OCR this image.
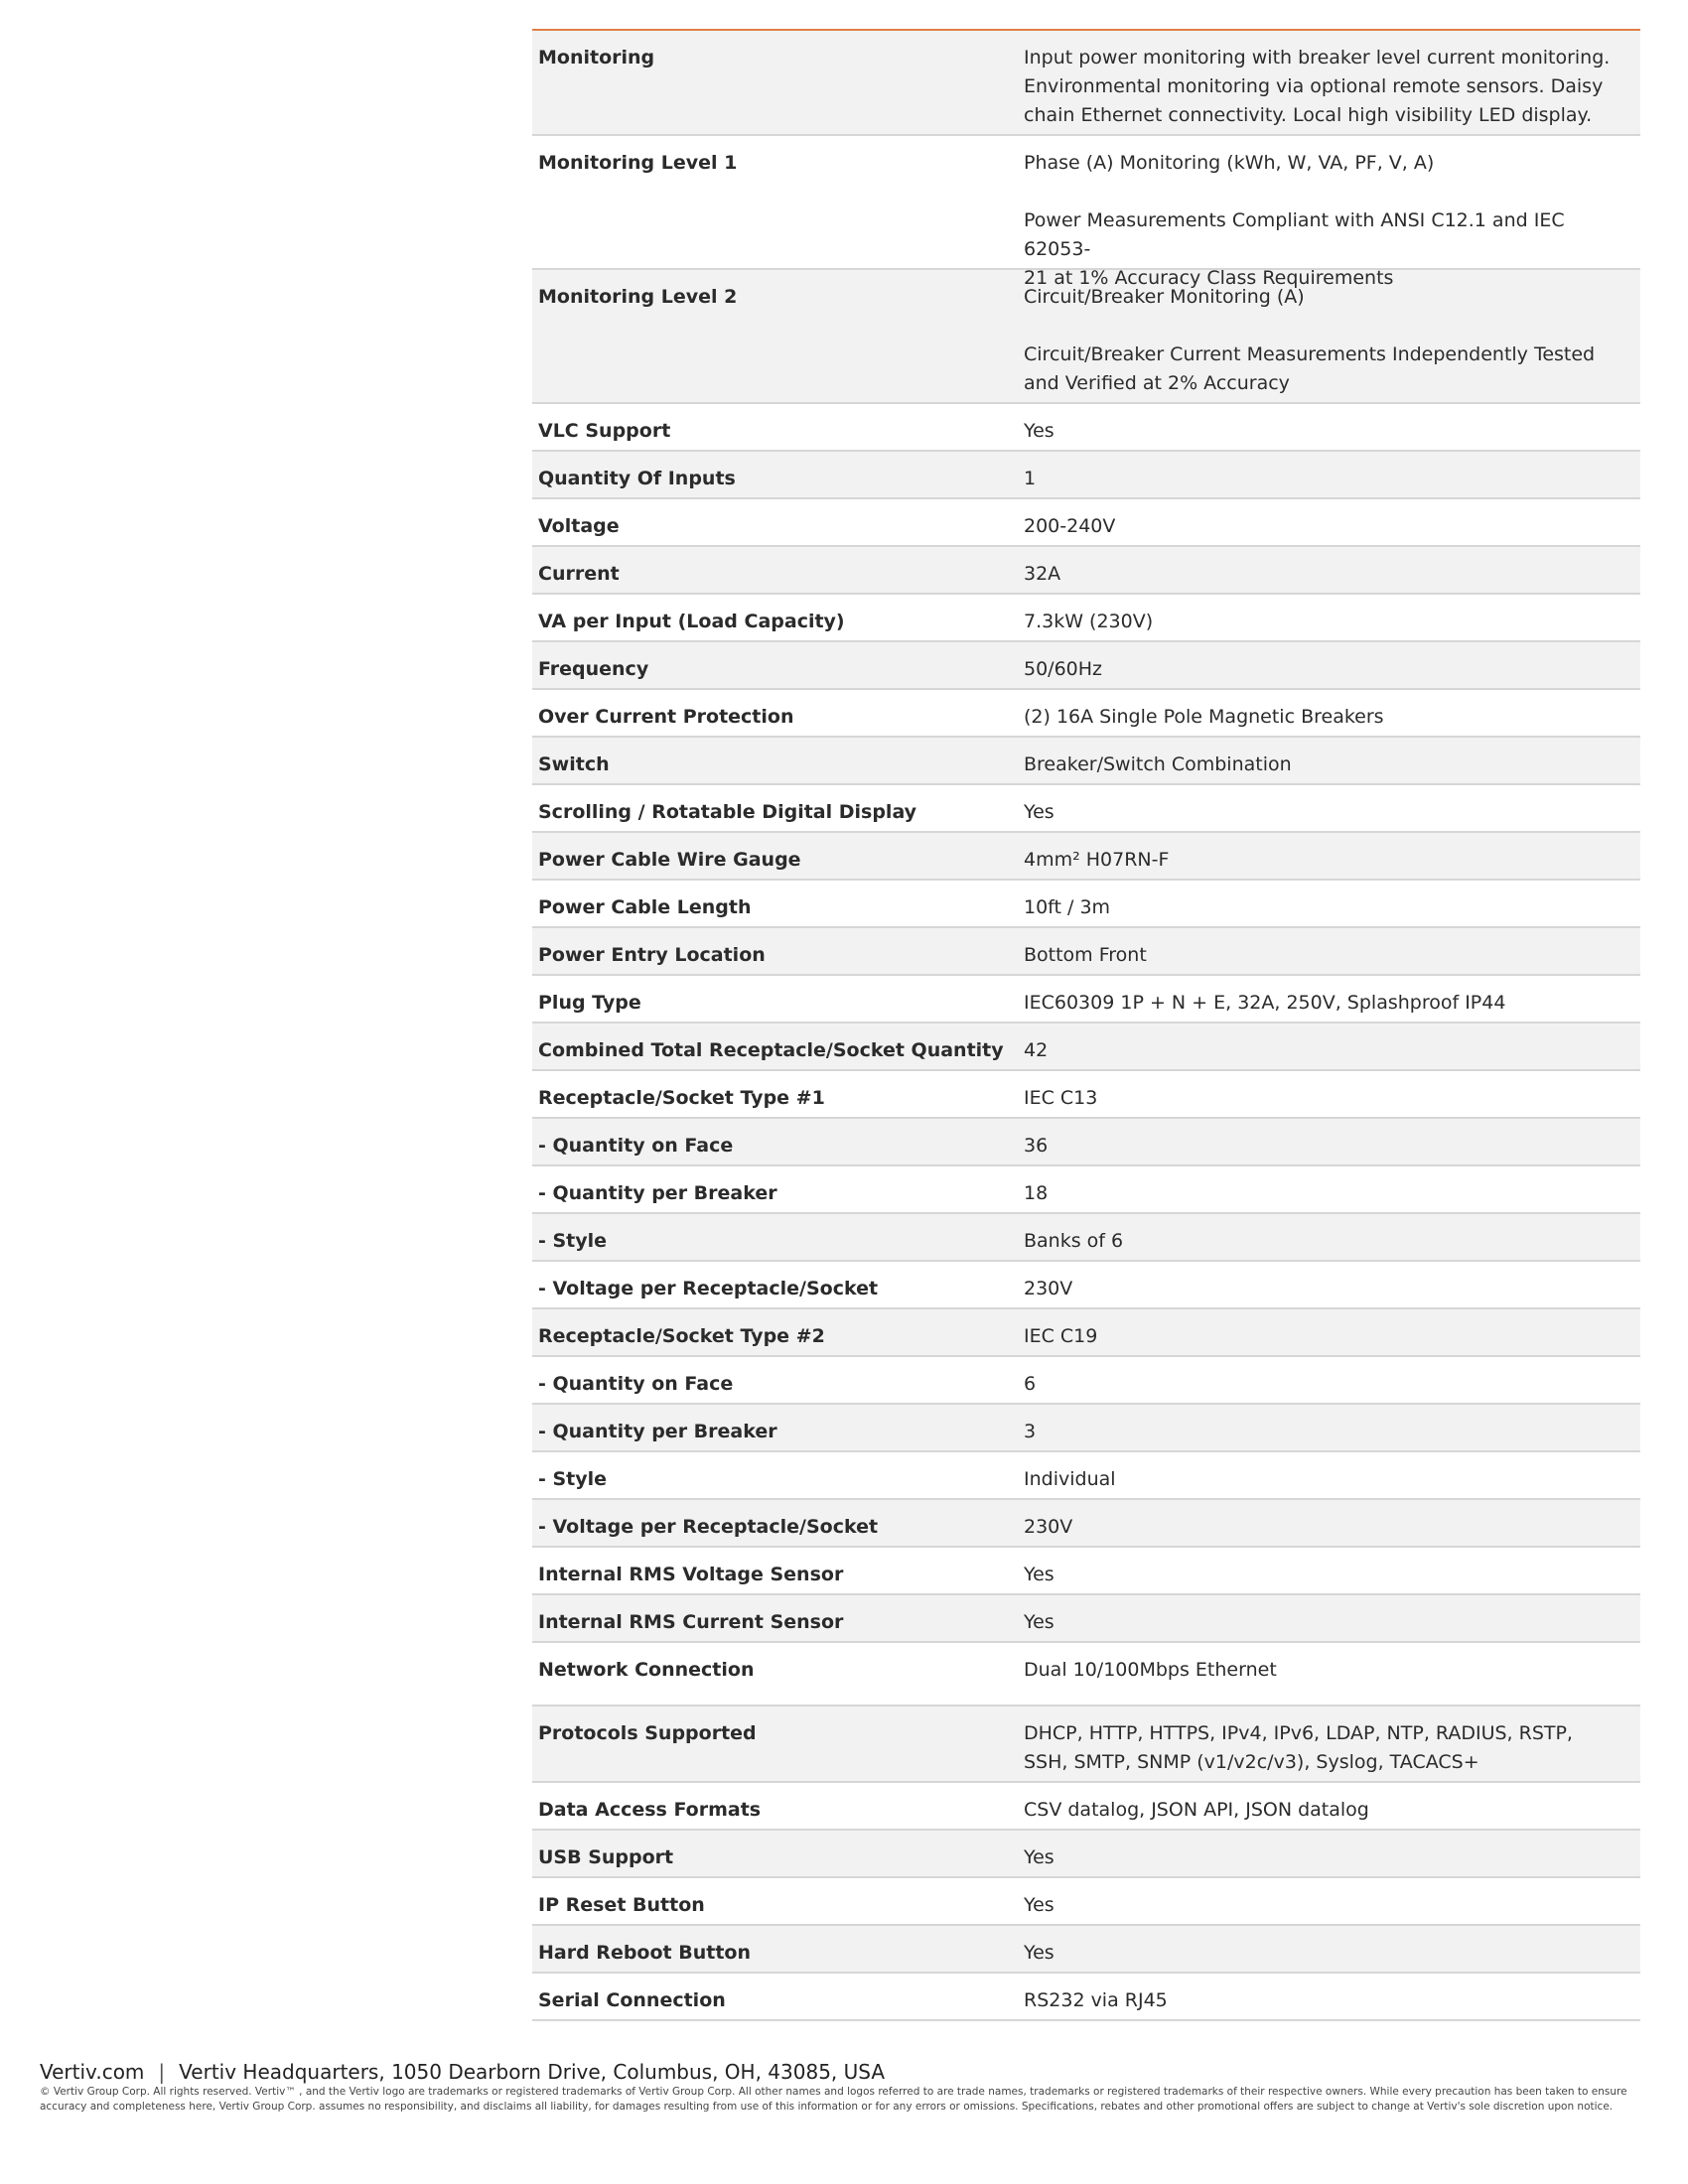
Monitoring	Input power monitoring with breaker level current monitoring.
Environmental monitoring via optional remote sensors. Daisy
chain Ethernet connectivity. Local high visibility LED display.
Monitoring Level 1	Phase (A) Monitoring (kWh, W, VA, PF, V, A)
Power Measurements Compliant with ANSI C12.1 and IEC 62053-
21 at 1% Accuracy Class Requirements
Monitoring Level 2	Circuit/Breaker Monitoring (A)
Circuit/Breaker Current Measurements Independently Tested
and Verified at 2% Accuracy
VLC Support	Yes
Quantity Of Inputs	1
Voltage	200-240V
Current	32A
VA per Input (Load Capacity)	7.3kW (230V)
Frequency	50/60Hz
Over Current Protection	(2) 16A Single Pole Magnetic Breakers
Switch	Breaker/Switch Combination
Scrolling / Rotatable Digital Display	Yes
Power Cable Wire Gauge	4mm² H07RN-F
Power Cable Length	10ft / 3m
Power Entry Location	Bottom Front
Plug Type	IEC60309 1P + N + E, 32A, 250V, Splashproof IP44
Combined Total Receptacle/Socket Quantity	42
Receptacle/Socket Type #1	IEC C13
- Quantity on Face	36
- Quantity per Breaker	18
- Style	Banks of 6
- Voltage per Receptacle/Socket	230V
Receptacle/Socket Type #2	IEC C19
- Quantity on Face	6
- Quantity per Breaker	3
- Style	Individual
- Voltage per Receptacle/Socket	230V
Internal RMS Voltage Sensor	Yes
Internal RMS Current Sensor	Yes
Network Connection	Dual 10/100Mbps Ethernet
Protocols Supported	DHCP, HTTP, HTTPS, IPv4, IPv6, LDAP, NTP, RADIUS, RSTP,
SSH, SMTP, SNMP (v1/v2c/v3), Syslog, TACACS+
Data Access Formats	CSV datalog, JSON API, JSON datalog
USB Support	Yes
IP Reset Button	Yes
Hard Reboot Button	Yes
Serial Connection	RS232 via RJ45
Vertiv.com | Vertiv Headquarters, 1050 Dearborn Drive, Columbus, OH, 43085, USA
© Vertiv Group Corp. All rights reserved. Vertiv™ , and the Vertiv logo are trademarks or registered trademarks of Vertiv Group Corp. All other names and logos referred to are trade names, trademarks or registered trademarks of their respective owners. While every precaution has been taken to ensure accuracy and completeness here, Vertiv Group Corp. assumes no responsibility, and disclaims all liability, for damages resulting from use of this information or for any errors or omissions. Specifications, rebates and other promotional offers are subject to change at Vertiv's sole discretion upon notice.
